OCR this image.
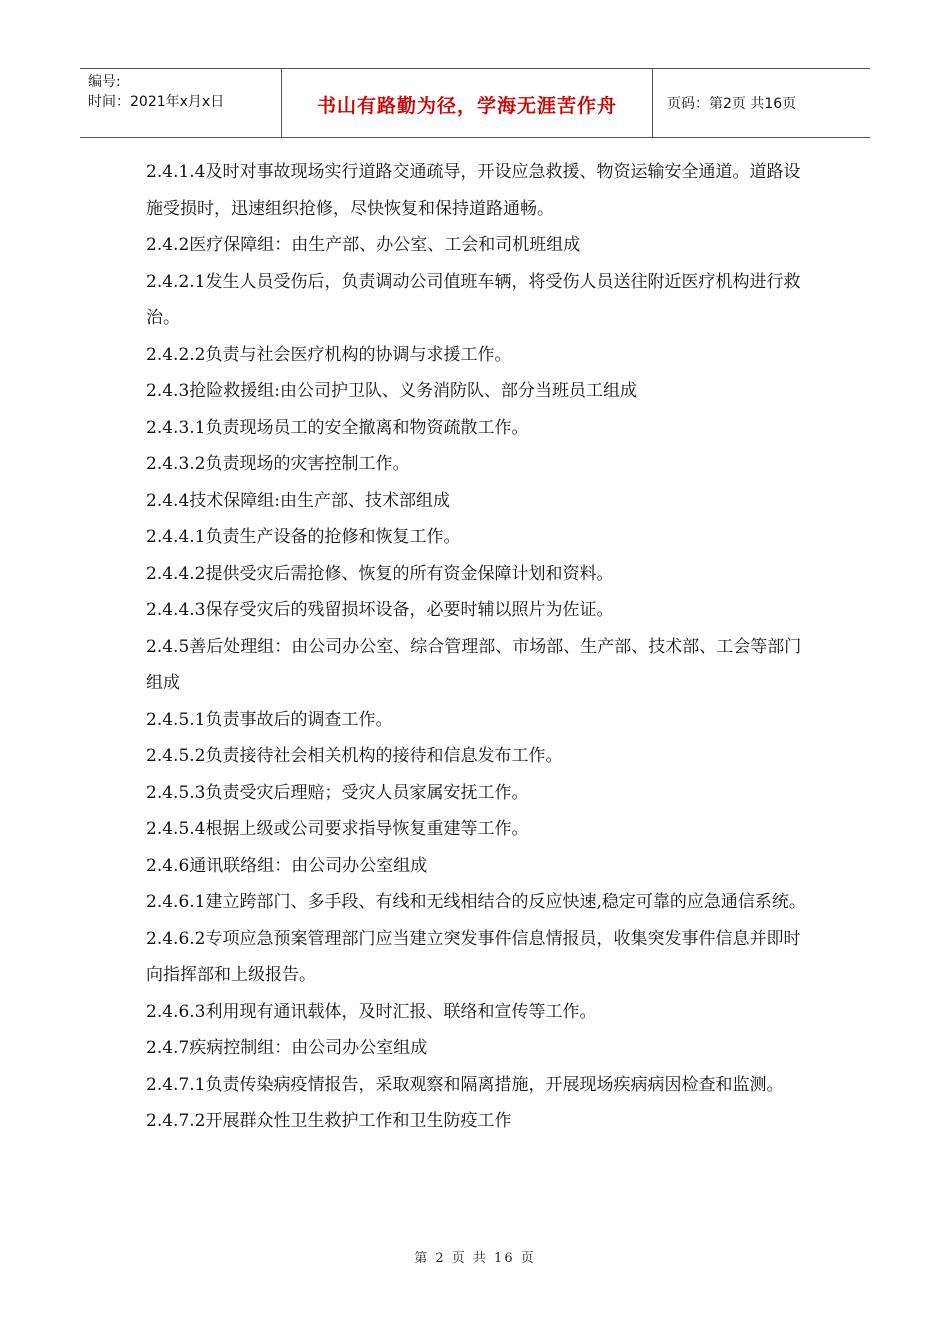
编号:
时间：2021年x月x日	书山有路勤为径，学海无涯苦作舟	页码：第2页 共16页

2.4.1.4及时对事故现场实行道路交通疏导，开设应急救援、物资运输安全通道。道路设施受损时，迅速组织抢修，尽快恢复和保持道路通畅。

2.4.2医疗保障组：由生产部、办公室、工会和司机班组成

2.4.2.1发生人员受伤后，负责调动公司值班车辆，将受伤人员送往附近医疗机构进行救治。

2.4.2.2负责与社会医疗机构的协调与求援工作。

2.4.3抢险救援组:由公司护卫队、义务消防队、部分当班员工组成

2.4.3.1负责现场员工的安全撤离和物资疏散工作。

2.4.3.2负责现场的灾害控制工作。

2.4.4技术保障组:由生产部、技术部组成

2.4.4.1负责生产设备的抢修和恢复工作。

2.4.4.2提供受灾后需抢修、恢复的所有资金保障计划和资料。

2.4.4.3保存受灾后的残留损坏设备，必要时辅以照片为佐证。

2.4.5善后处理组：由公司办公室、综合管理部、市场部、生产部、技术部、工会等部门组成

2.4.5.1负责事故后的调查工作。

2.4.5.2负责接待社会相关机构的接待和信息发布工作。

2.4.5.3负责受灾后理赔；受灾人员家属安抚工作。

2.4.5.4根据上级或公司要求指导恢复重建等工作。

2.4.6通讯联络组：由公司办公室组成

2.4.6.1建立跨部门、多手段、有线和无线相结合的反应快速,稳定可靠的应急通信系统。

2.4.6.2专项应急预案管理部门应当建立突发事件信息情报员，收集突发事件信息并即时向指挥部和上级报告。

2.4.6.3利用现有通讯载体，及时汇报、联络和宣传等工作。

2.4.7疾病控制组：由公司办公室组成

2.4.7.1负责传染病疫情报告，采取观察和隔离措施，开展现场疾病病因检查和监测。

2.4.7.2开展群众性卫生救护工作和卫生防疫工作

第 2 页 共 16 页
